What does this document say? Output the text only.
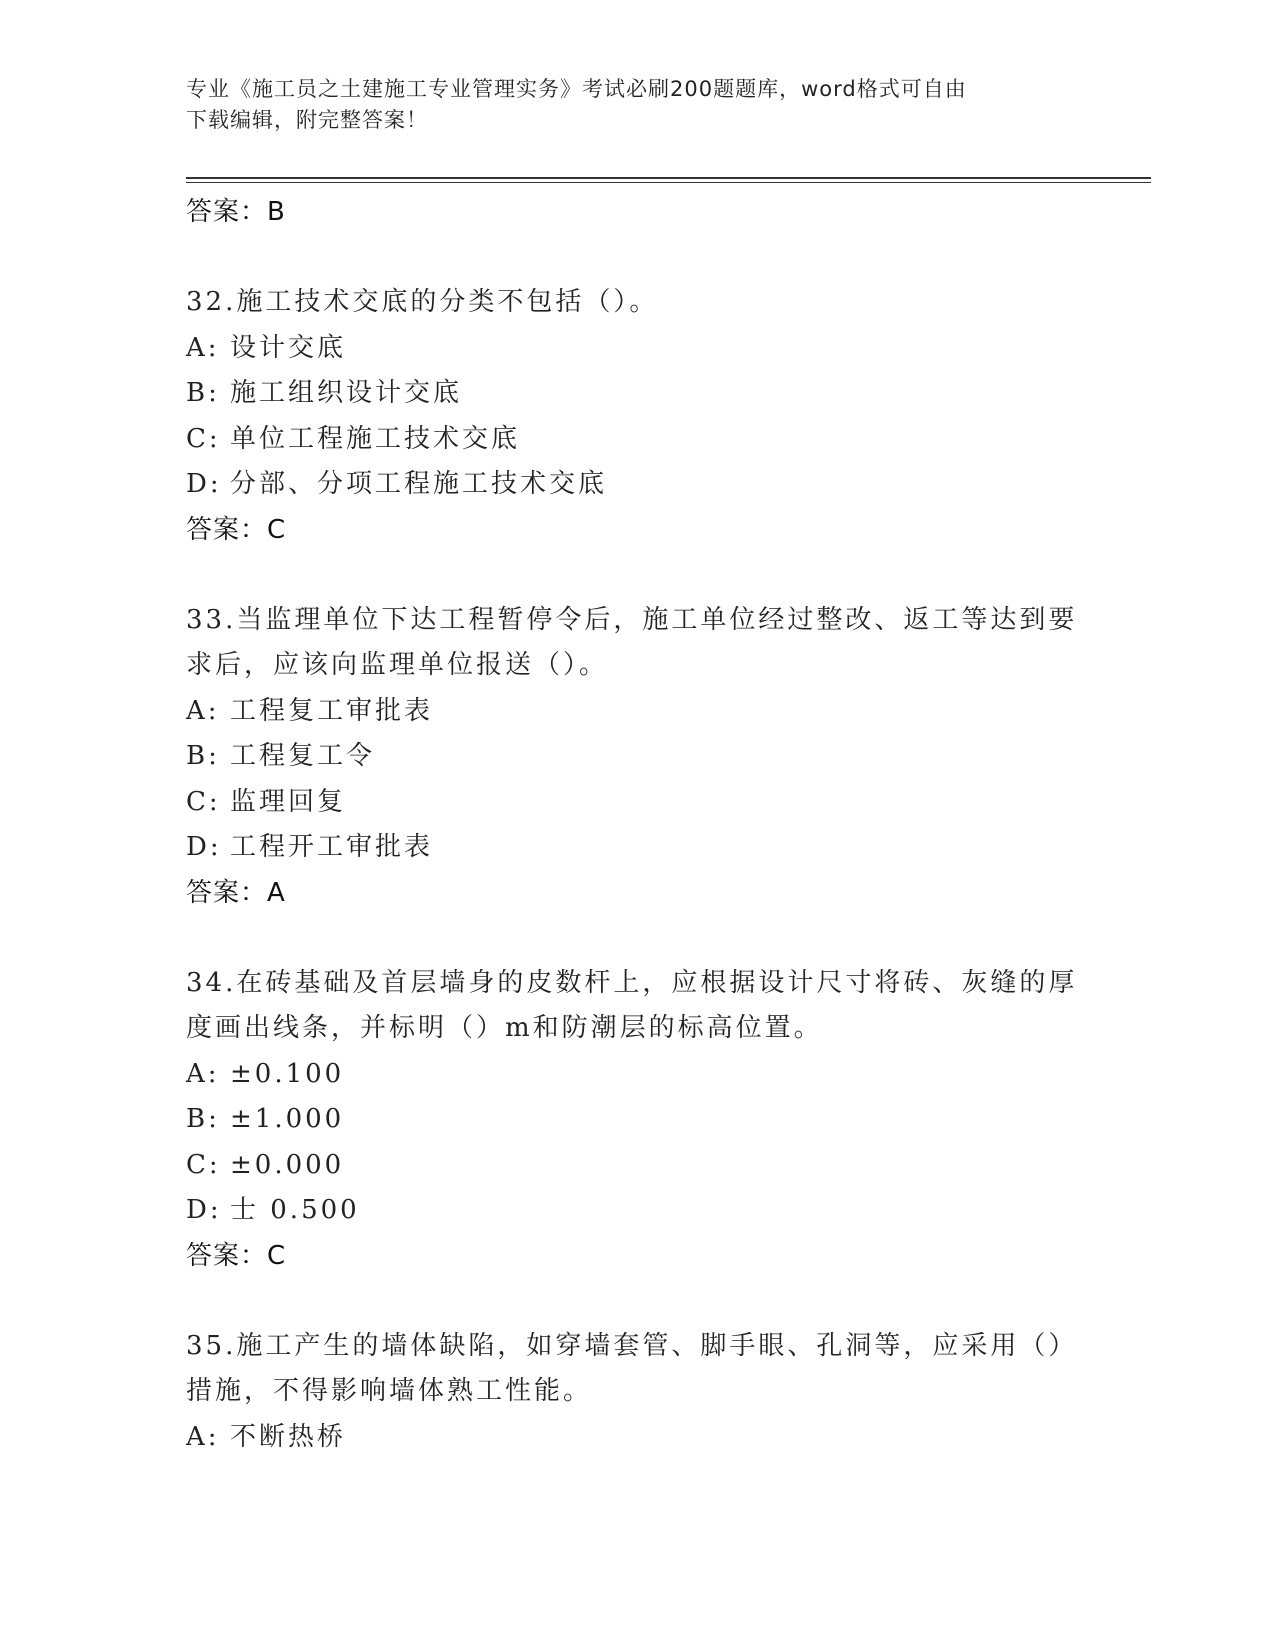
专业《施工员之土建施工专业管理实务》考试必刷200题题库，word格式可自由
下载编辑，附完整答案！
答案：B
32.施工技术交底的分类不包括（）。
A: 设计交底
B: 施工组织设计交底
C: 单位工程施工技术交底
D: 分部、分项工程施工技术交底
答案：C
33.当监理单位下达工程暂停令后，施工单位经过整改、返工等达到要求后，应该向监理单位报送（）。
A: 工程复工审批表
B: 工程复工令
C: 监理回复
D: 工程开工审批表
答案：A
34.在砖基础及首层墙身的皮数杆上，应根据设计尺寸将砖、灰缝的厚度画出线条，并标明（）m和防潮层的标高位置。
A: ±0.100
B: ±1.000
C: ±0.000
D: 士 0.500
答案：C
35.施工产生的墙体缺陷，如穿墙套管、脚手眼、孔洞等，应采用（）措施，不得影响墙体熟工性能。
A: 不断热桥
